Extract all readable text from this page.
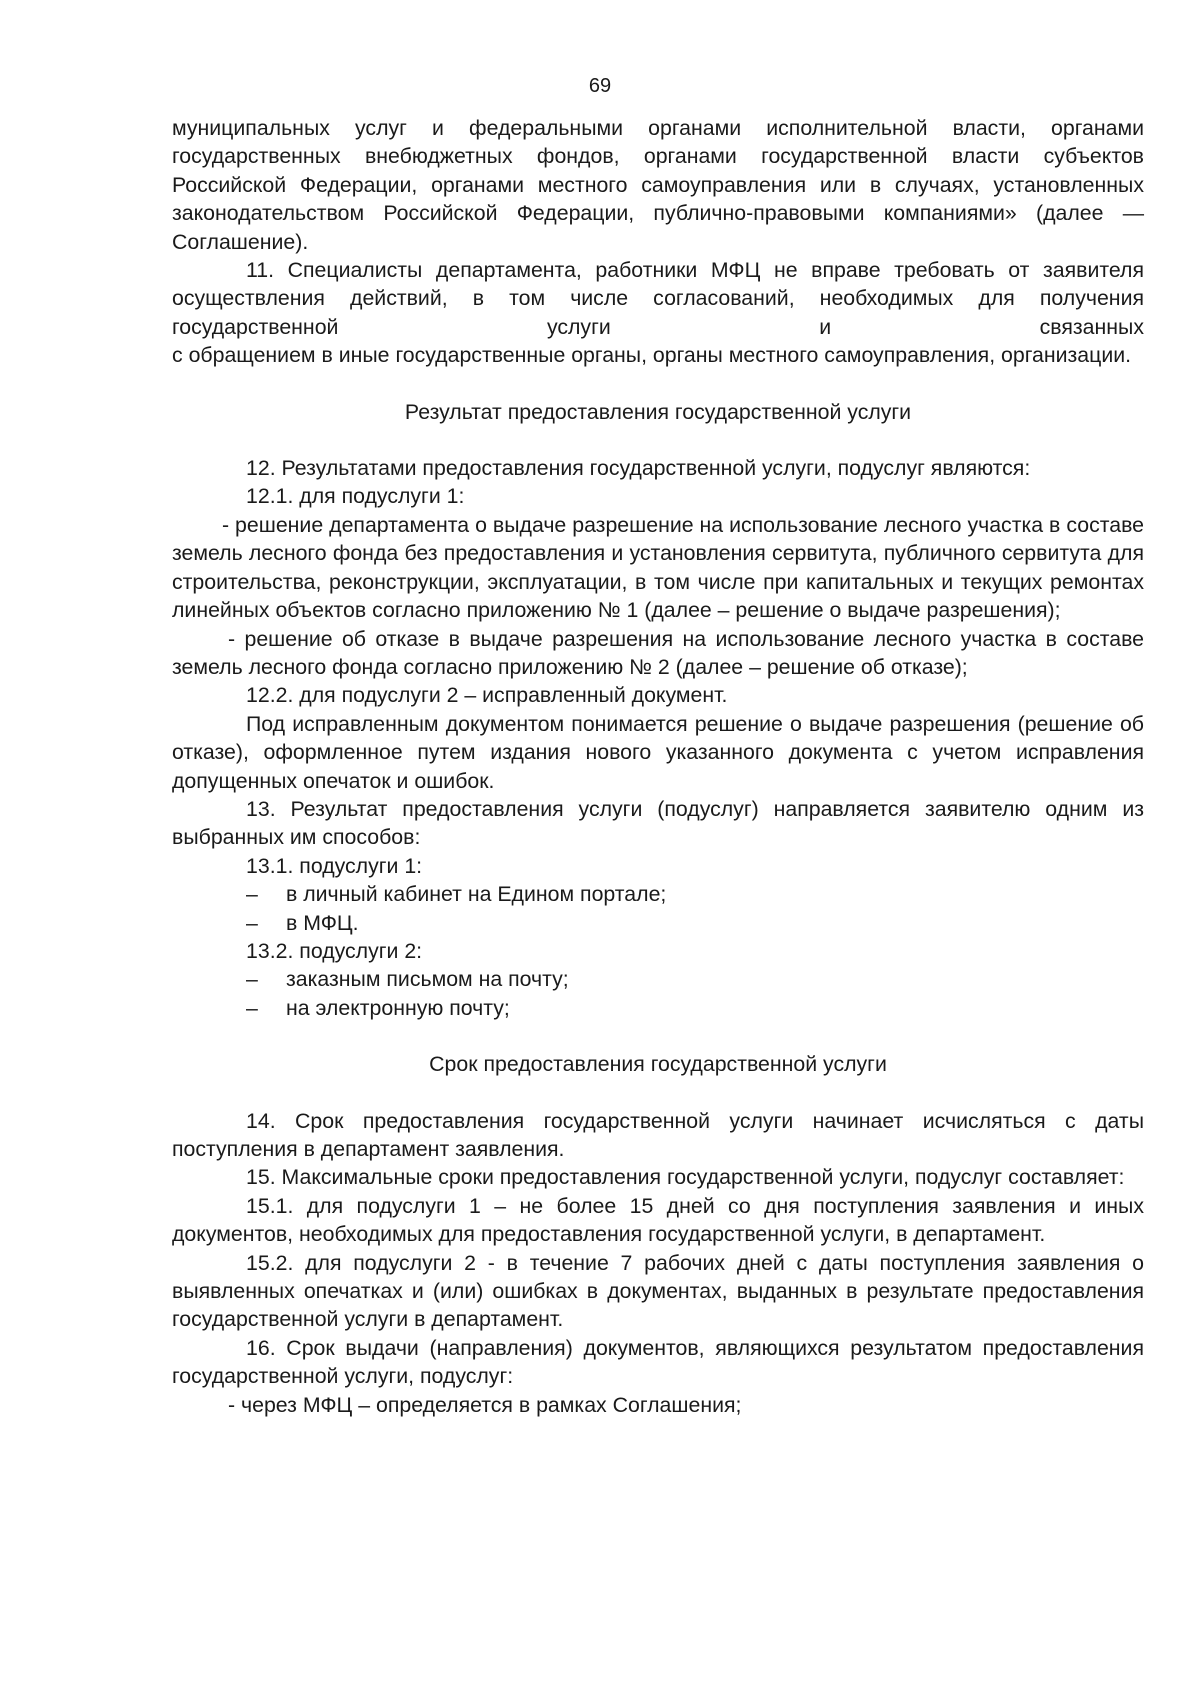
69

муниципальных услуг и федеральными органами исполнительной власти, органами государственных внебюджетных фондов, органами государственной власти субъектов Российской Федерации, органами местного самоуправления или в случаях, установленных законодательством Российской Федерации, публично-правовыми компаниями» (далее — Соглашение).

11. Специалисты департамента, работники МФЦ не вправе требовать от заявителя осуществления действий, в том числе согласований, необходимых для получения государственной услуги и связанных

с обращением в иные государственные органы, органы местного самоуправления, организации.

Результат предоставления государственной услуги

12. Результатами предоставления государственной услуги, подуслуг являются:

12.1. для подуслуги 1:

- решение департамента о выдаче разрешение на использование лесного участка в составе земель лесного фонда без предоставления и установления сервитута, публичного сервитута для строительства, реконструкции, эксплуатации, в том числе при капитальных и текущих ремонтах линейных объектов согласно приложению № 1 (далее – решение о выдаче разрешения);

- решение об отказе в выдаче разрешения на использование лесного участка в составе земель лесного фонда согласно приложению № 2 (далее – решение об отказе);

12.2. для подуслуги 2 – исправленный документ.

Под исправленным документом понимается решение о выдаче разрешения (решение об отказе), оформленное путем издания нового указанного документа с учетом исправления допущенных опечаток и ошибок.

13. Результат предоставления услуги (подуслуг) направляется заявителю одним из выбранных им способов:

13.1. подуслуги 1:

–	в личный кабинет на Едином портале;
–	в МФЦ.

13.2. подуслуги 2:

–	заказным письмом на почту;
–	на электронную почту;

Срок предоставления государственной услуги

14. Срок предоставления государственной услуги начинает исчисляться с даты поступления в департамент заявления.

15. Максимальные сроки предоставления государственной услуги, подуслуг составляет:

15.1. для подуслуги 1 – не более 15 дней со дня поступления заявления и иных документов, необходимых для предоставления государственной услуги, в департамент.

15.2. для подуслуги 2 - в течение 7 рабочих дней с даты поступления заявления о выявленных опечатках и (или) ошибках в документах, выданных в результате предоставления государственной услуги в департамент.

16. Срок выдачи (направления) документов, являющихся результатом предоставления государственной услуги, подуслуг:

- через МФЦ – определяется в рамках Соглашения;
